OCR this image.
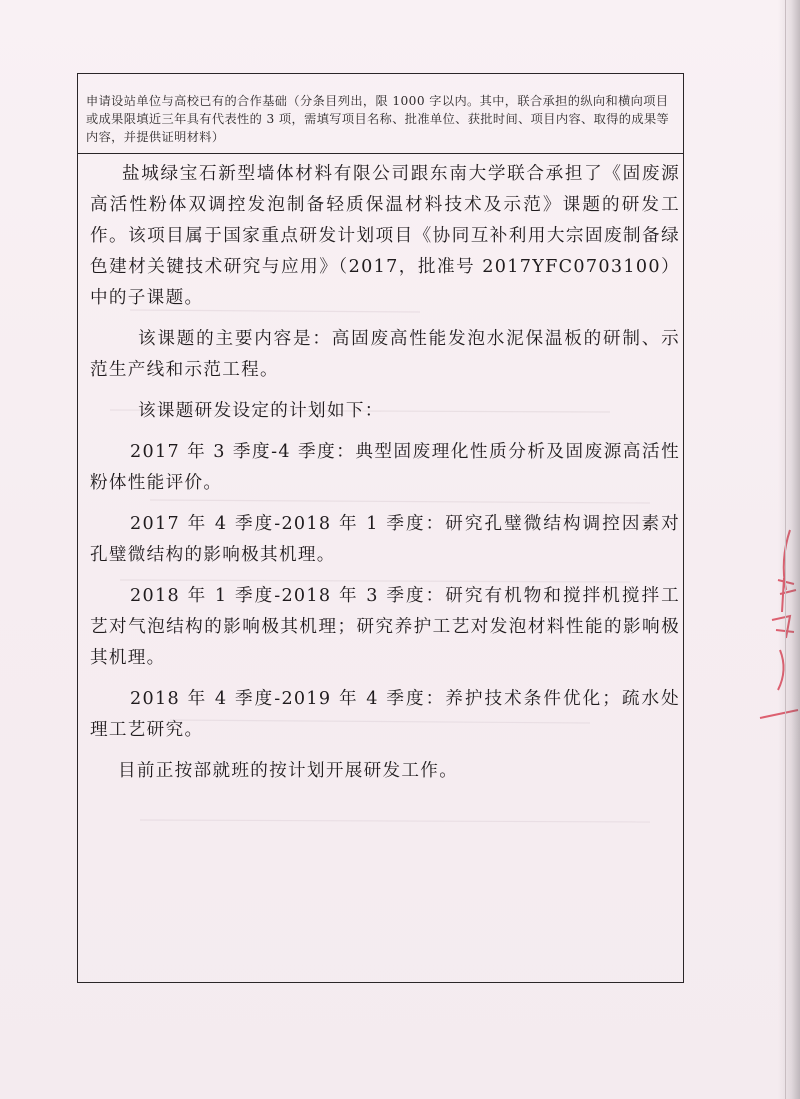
申请设站单位与高校已有的合作基础（分条目列出，限 1000 字以内。其中，联合承担的纵向和横向项目或成果限填近三年具有代表性的 3 项，需填写项目名称、批准单位、获批时间、项目内容、取得的成果等内容，并提供证明材料）

盐城绿宝石新型墙体材料有限公司跟东南大学联合承担了《固废源高活性粉体双调控发泡制备轻质保温材料技术及示范》课题的研发工作。该项目属于国家重点研发计划项目《协同互补利用大宗固废制备绿色建材关键技术研究与应用》（2017，批准号 2017YFC0703100）中的子课题。

该课题的主要内容是：高固废高性能发泡水泥保温板的研制、示范生产线和示范工程。

该课题研发设定的计划如下：

2017 年 3 季度-4 季度：典型固废理化性质分析及固废源高活性粉体性能评价。

2017 年 4 季度-2018 年 1 季度：研究孔璧微结构调控因素对孔璧微结构的影响极其机理。

2018 年 1 季度-2018 年 3 季度：研究有机物和搅拌机搅拌工艺对气泡结构的影响极其机理；研究养护工艺对发泡材料性能的影响极其机理。

2018 年 4 季度-2019 年 4 季度：养护技术条件优化；疏水处理工艺研究。

目前正按部就班的按计划开展研发工作。
